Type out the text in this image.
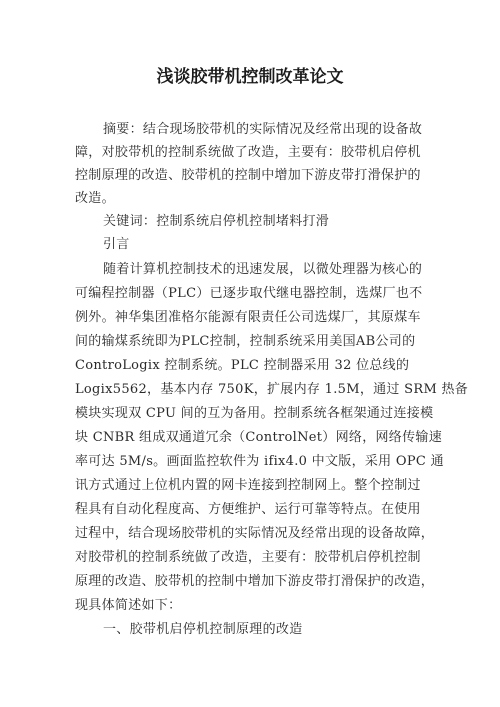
浅谈胶带机控制改革论文
摘要：结合现场胶带机的实际情况及经常出现的设备故
障，对胶带机的控制系统做了改造，主要有：胶带机启停机
控制原理的改造、胶带机的控制中增加下游皮带打滑保护的
改造。
关键词：控制系统启停机控制堵料打滑
引言
随着计算机控制技术的迅速发展，以微处理器为核心的
可编程控制器（PLC）已逐步取代继电器控制，选煤厂也不
例外。神华集团准格尔能源有限责任公司选煤厂，其原煤车
间的输煤系统即为PLC控制，控制系统采用美国AB公司的
ControLogix 控制系统。PLC 控制器采用 32 位总线的
Logix5562，基本内存 750K，扩展内存 1.5M，通过 SRM 热备
模块实现双 CPU 间的互为备用。控制系统各框架通过连接模
块 CNBR 组成双通道冗余（ControlNet）网络，网络传输速
率可达 5M/s。画面监控软件为 ifix4.0 中文版，采用 OPC 通
讯方式通过上位机内置的网卡连接到控制网上。整个控制过
程具有自动化程度高、方便维护、运行可靠等特点。在使用
过程中，结合现场胶带机的实际情况及经常出现的设备故障，
对胶带机的控制系统做了改造，主要有：胶带机启停机控制
原理的改造、胶带机的控制中增加下游皮带打滑保护的改造，
现具体简述如下：
一、胶带机启停机控制原理的改造
